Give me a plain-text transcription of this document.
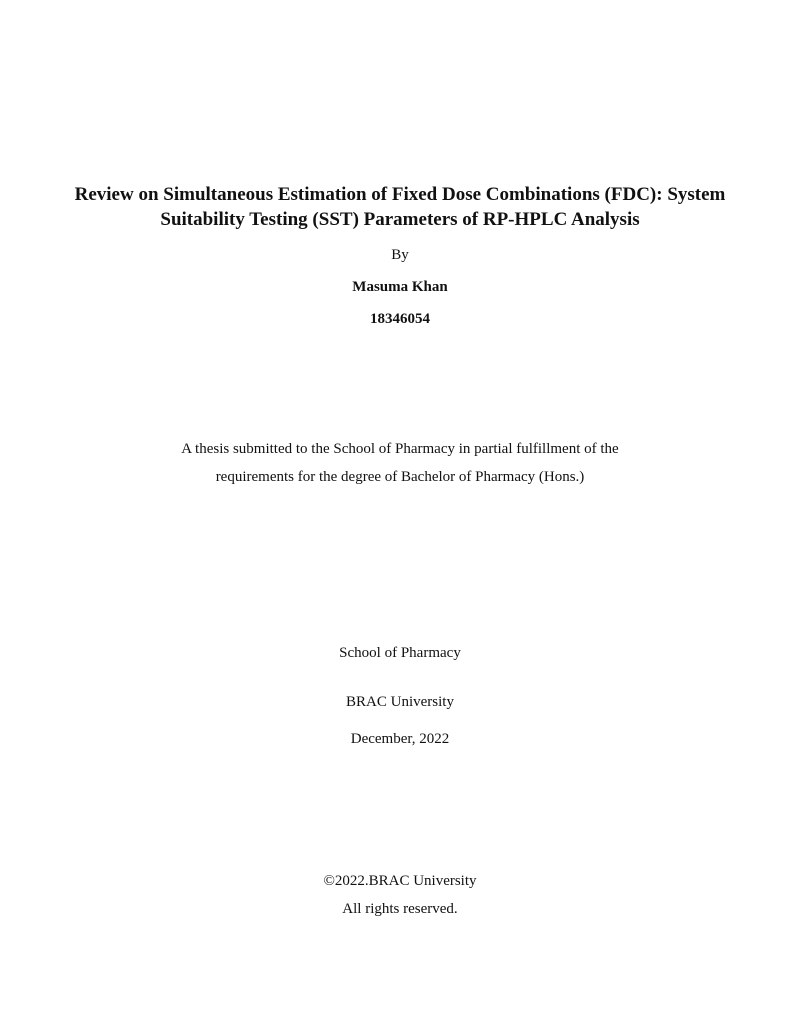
Review on Simultaneous Estimation of Fixed Dose Combinations (FDC): System
Suitability Testing (SST) Parameters of RP-HPLC Analysis
By
Masuma Khan
18346054
A thesis submitted to the School of Pharmacy in partial fulfillment of the
requirements for the degree of Bachelor of Pharmacy (Hons.)
School of Pharmacy
BRAC University
December, 2022
©2022.BRAC University
All rights reserved.
